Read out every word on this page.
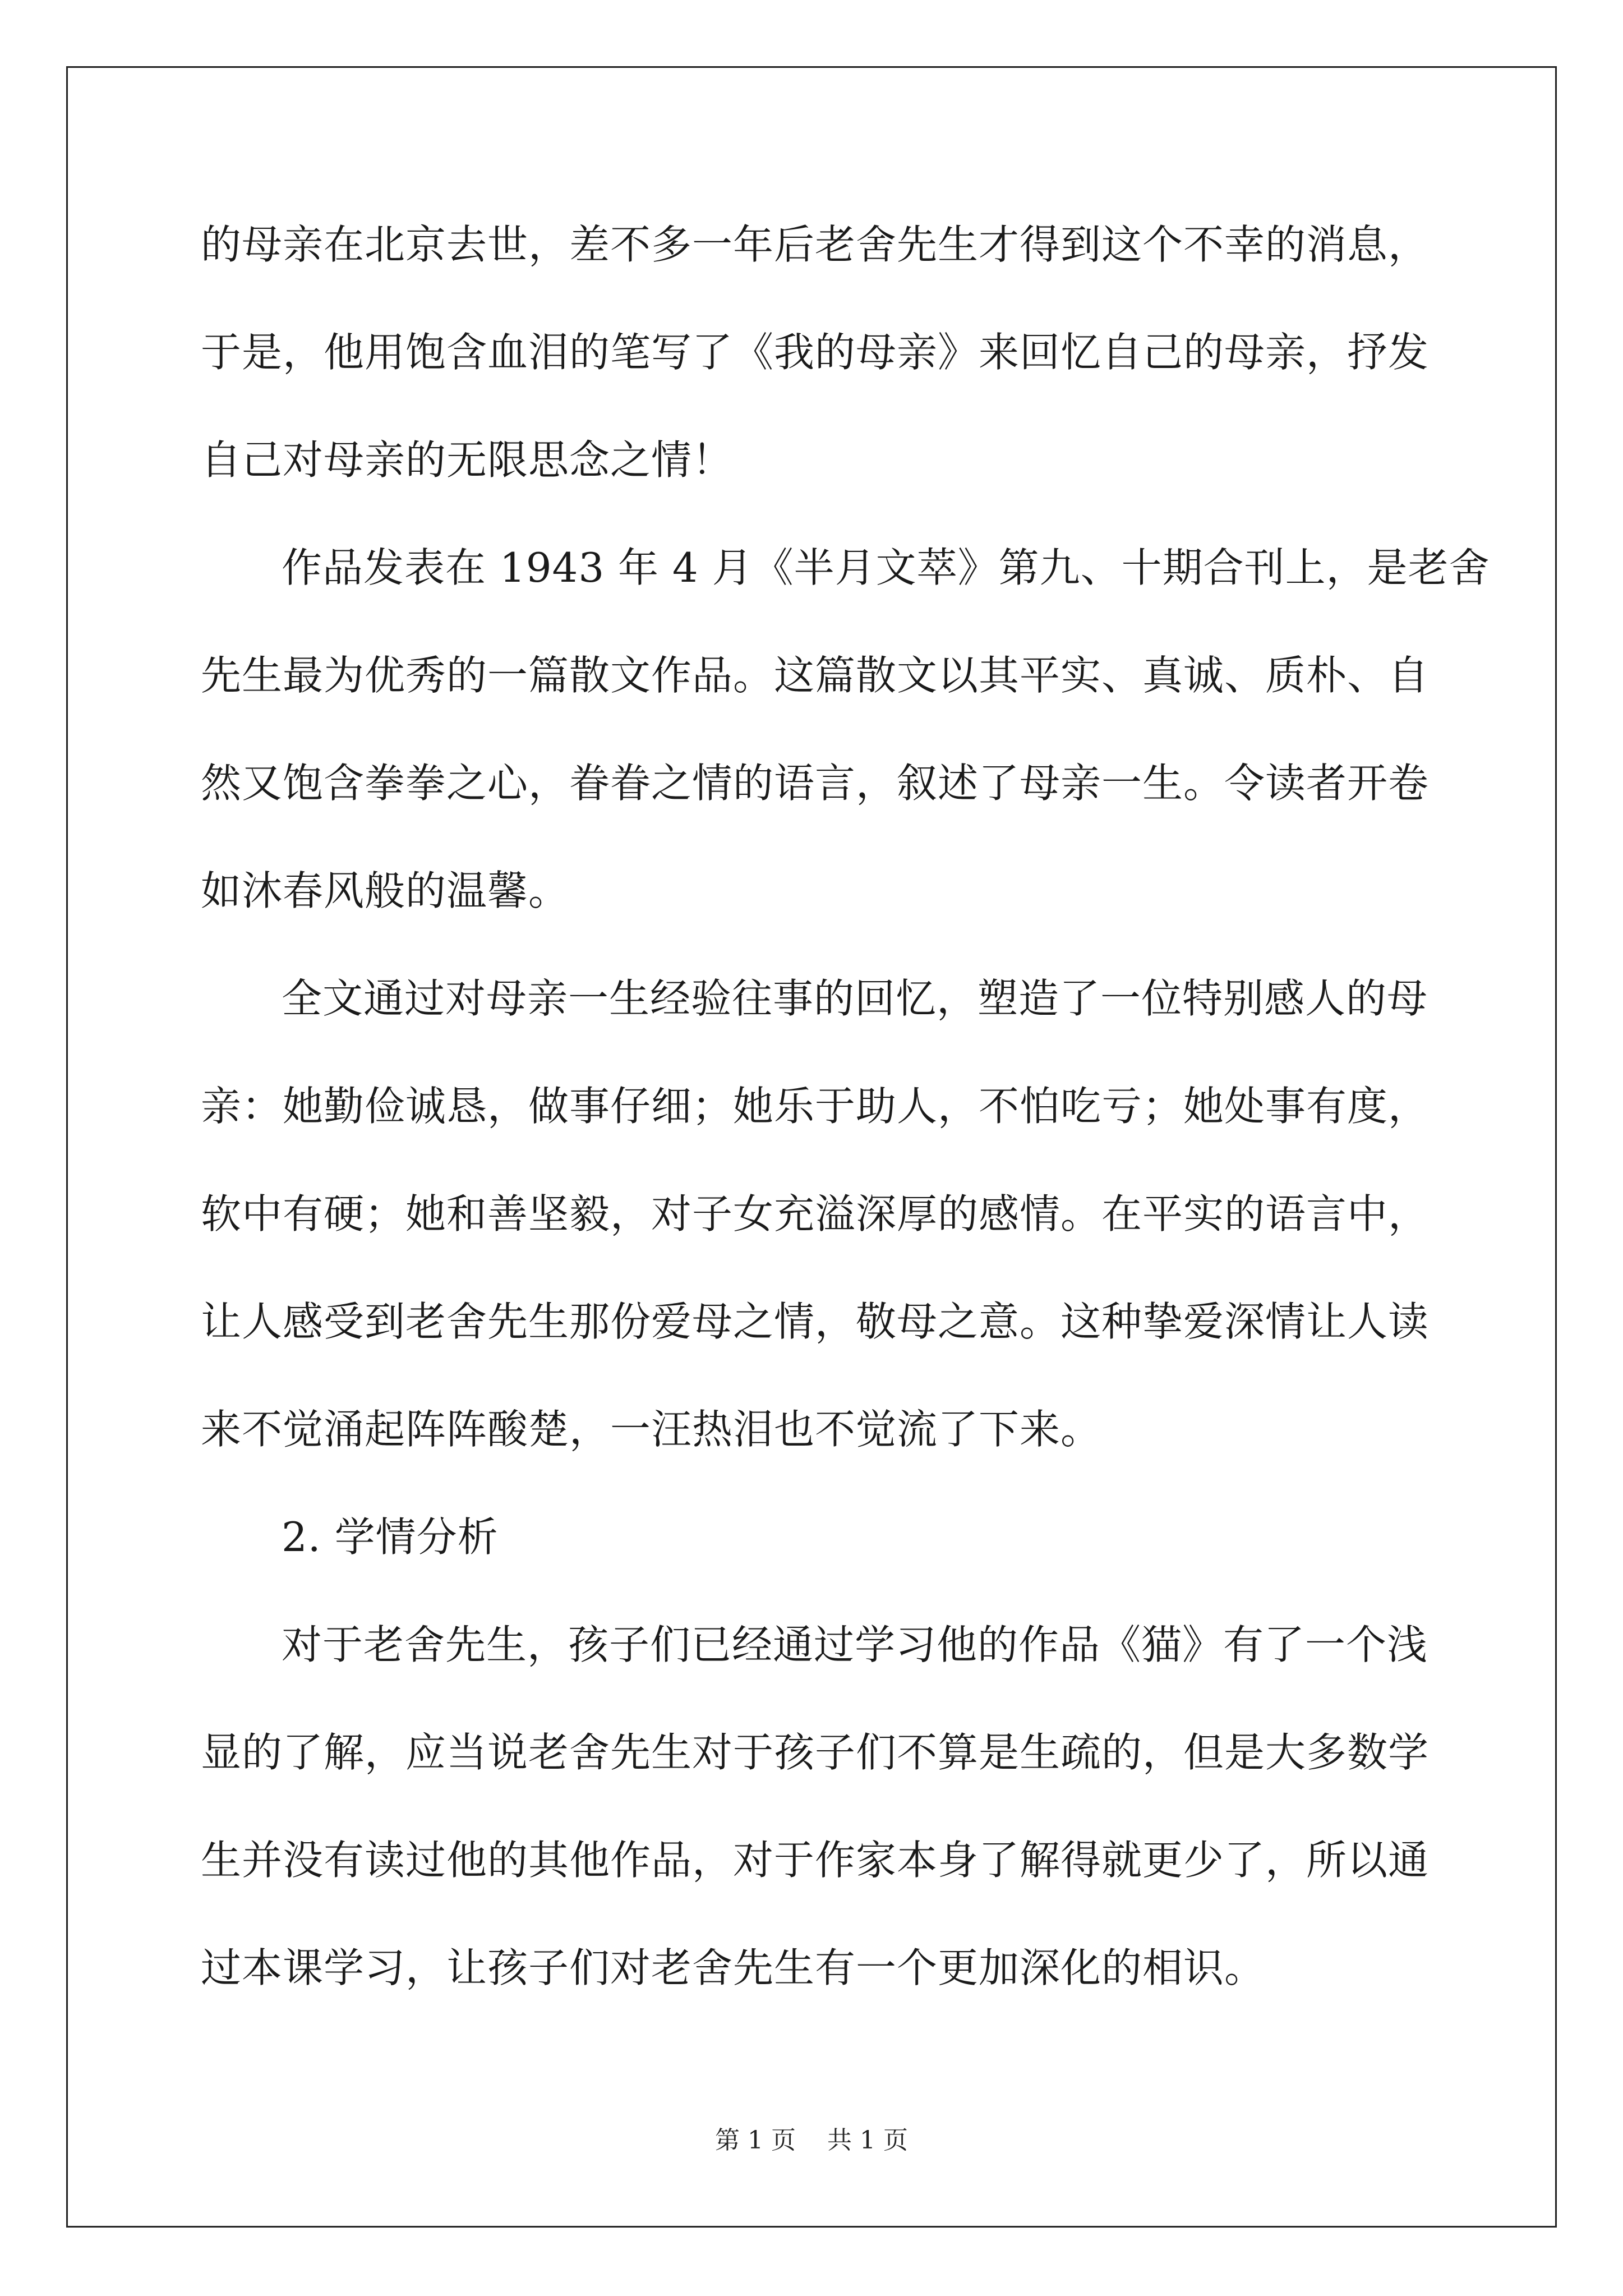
的母亲在北京去世，差不多一年后老舍先生才得到这个不幸的消息，
于是，他用饱含血泪的笔写了《我的母亲》来回忆自己的母亲，抒发
自己对母亲的无限思念之情！
作品发表在 1943 年 4 月《半月文萃》第九、十期合刊上，是老舍
先生最为优秀的一篇散文作品。这篇散文以其平实、真诚、质朴、自
然又饱含拳拳之心，眷眷之情的语言，叙述了母亲一生。令读者开卷
如沐春风般的温馨。
全文通过对母亲一生经验往事的回忆，塑造了一位特别感人的母
亲：她勤俭诚恳，做事仔细；她乐于助人，不怕吃亏；她处事有度，
软中有硬；她和善坚毅，对子女充溢深厚的感情。在平实的语言中，
让人感受到老舍先生那份爱母之情，敬母之意。这种挚爱深情让人读
来不觉涌起阵阵酸楚，一汪热泪也不觉流了下来。
2. 学情分析
对于老舍先生，孩子们已经通过学习他的作品《猫》有了一个浅
显的了解，应当说老舍先生对于孩子们不算是生疏的，但是大多数学
生并没有读过他的其他作品，对于作家本身了解得就更少了，所以通
过本课学习，让孩子们对老舍先生有一个更加深化的相识。
第 1 页 共 1 页
